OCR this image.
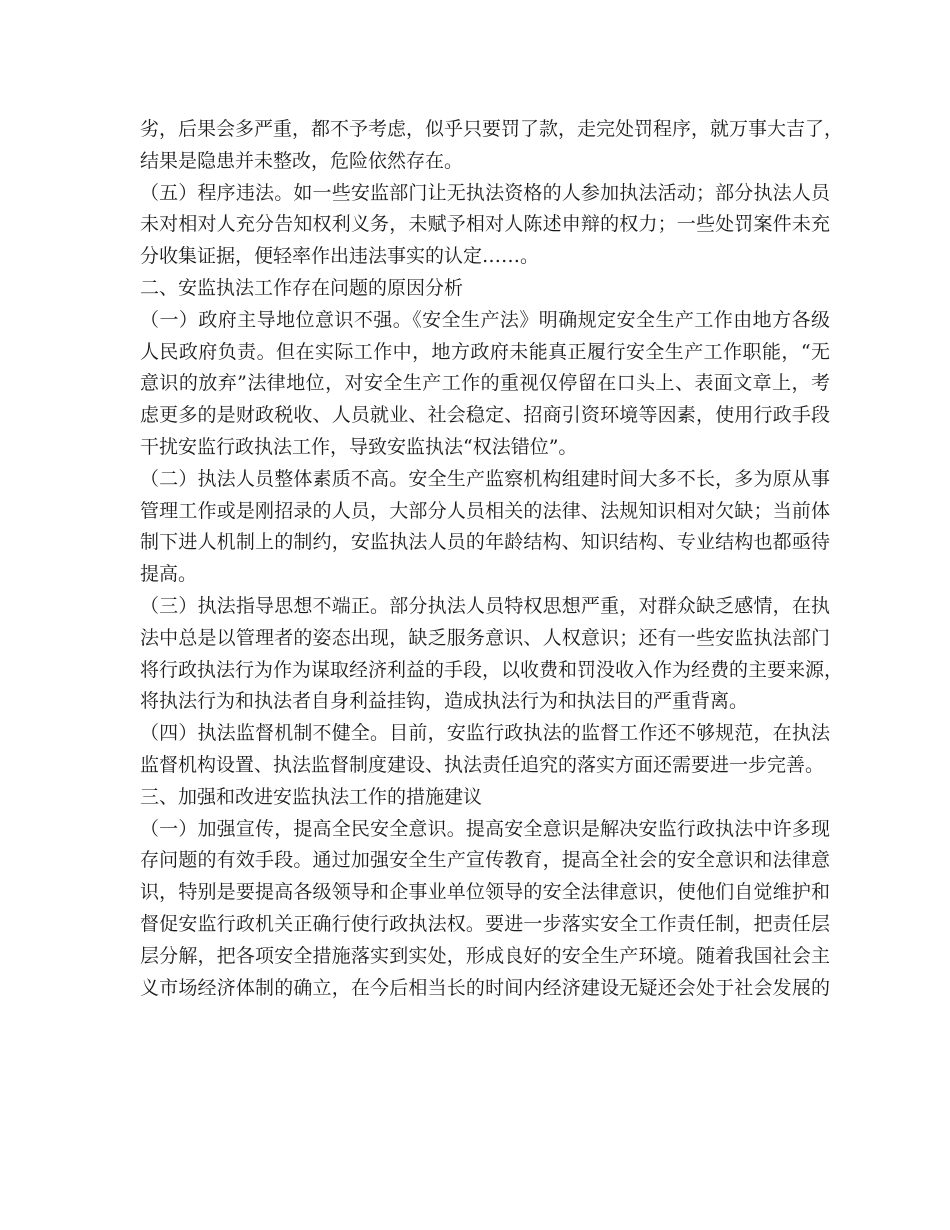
劣，后果会多严重，都不予考虑，似乎只要罚了款，走完处罚程序，就万事大吉了，
结果是隐患并未整改，危险依然存在。
（五）程序违法。如一些安监部门让无执法资格的人参加执法活动；部分执法人员
未对相对人充分告知权利义务，未赋予相对人陈述申辩的权力；一些处罚案件未充
分收集证据，便轻率作出违法事实的认定……。
二、安监执法工作存在问题的原因分析
（一）政府主导地位意识不强。《安全生产法》明确规定安全生产工作由地方各级
人民政府负责。但在实际工作中，地方政府未能真正履行安全生产工作职能，“无
意识的放弃”法律地位，对安全生产工作的重视仅停留在口头上、表面文章上，考
虑更多的是财政税收、人员就业、社会稳定、招商引资环境等因素，使用行政手段
干扰安监行政执法工作，导致安监执法“权法错位”。
（二）执法人员整体素质不高。安全生产监察机构组建时间大多不长，多为原从事
管理工作或是刚招录的人员，大部分人员相关的法律、法规知识相对欠缺；当前体
制下进人机制上的制约，安监执法人员的年龄结构、知识结构、专业结构也都亟待
提高。
（三）执法指导思想不端正。部分执法人员特权思想严重，对群众缺乏感情，在执
法中总是以管理者的姿态出现，缺乏服务意识、人权意识；还有一些安监执法部门
将行政执法行为作为谋取经济利益的手段，以收费和罚没收入作为经费的主要来源，
将执法行为和执法者自身利益挂钩，造成执法行为和执法目的严重背离。
（四）执法监督机制不健全。目前，安监行政执法的监督工作还不够规范，在执法
监督机构设置、执法监督制度建设、执法责任追究的落实方面还需要进一步完善。
三、加强和改进安监执法工作的措施建议
（一）加强宣传，提高全民安全意识。提高安全意识是解决安监行政执法中许多现
存问题的有效手段。通过加强安全生产宣传教育，提高全社会的安全意识和法律意
识，特别是要提高各级领导和企事业单位领导的安全法律意识，使他们自觉维护和
督促安监行政机关正确行使行政执法权。要进一步落实安全工作责任制，把责任层
层分解，把各项安全措施落实到实处，形成良好的安全生产环境。随着我国社会主
义市场经济体制的确立，在今后相当长的时间内经济建设无疑还会处于社会发展的
